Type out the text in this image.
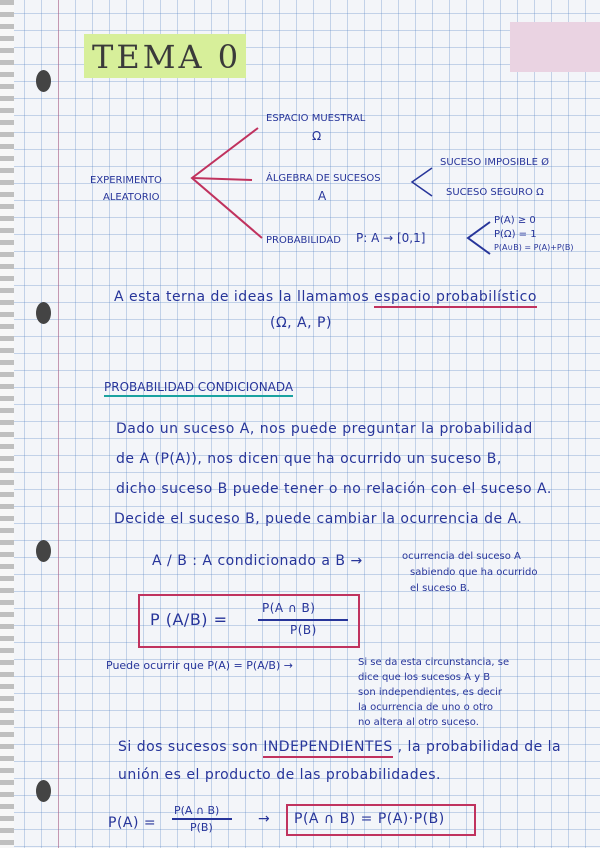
TEMA 0
EXPERIMENTO
ALEATORIO
ESPACIO MUESTRAL
Ω
ÁLGEBRA DE SUCESOS
A
SUCESO IMPOSIBLE Ø
SUCESO SEGURO Ω
PROBABILIDAD P: A → [0,1]
P(A) ≥ 0
P(Ω) = 1
P(A∪B) = P(A)+P(B)
A esta terna de ideas la llamamos espacio probabilístico
(Ω, A, P)
PROBABILIDAD CONDICIONADA
Dado un suceso A, nos puede preguntar la probabilidad
de A (P(A)), nos dicen que ha ocurrido un suceso B,
dicho suceso B puede tener o no relación con el suceso A.
Decide el suceso B, puede cambiar la ocurrencia de A.
A / B : A condicionado a B →	ocurrencia del suceso A
sabiendo que ha ocurrido
el suceso B.
P (A/B) =
P(A ∩ B)
P(B)
Puede ocurrir que P(A) = P(A/B) →	Si se da esta circunstancia, se
dice que los sucesos A y B
son independientes, es decir
la ocurrencia de uno o otro
no altera al otro suceso.
Si dos sucesos son INDEPENDIENTES , la probabilidad de la
unión es el producto de las probabilidades.
P(A) =
P(A ∩ B)
P(B)
→ P(A ∩ B) = P(A)·P(B)
